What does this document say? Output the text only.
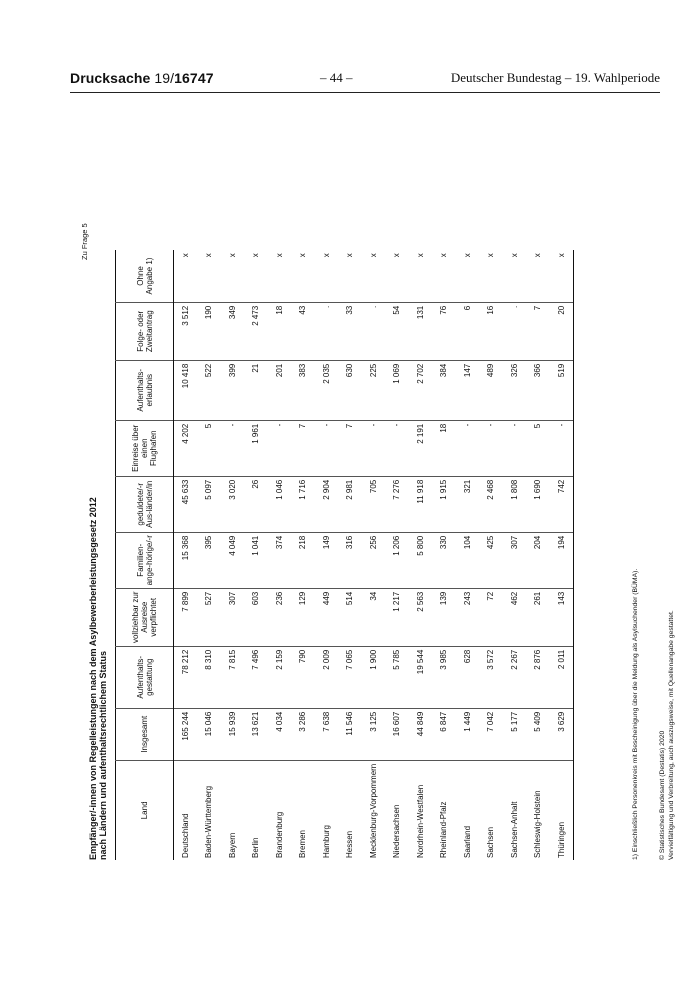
Drucksache 19/16747	– 44 –	Deutscher Bundestag – 19. Wahlperiode
Zu Frage 5
Empfänger/-innen von Regelleistungen nach dem Asylbewerberleistungsgesetz 2012 nach Ländern und aufenthaltsrechtlichem Status	Land	Insgesamt	Aufenthalts-gestattung	vollziehbar zur Ausreise verpflichtet	Familien-ange-hörige/-r	geduldete/-r Aus-länder/in	Einreise über einen Flughafen	Aufenthalts-erlaubnis	Folge- oder Zweitantrag	Ohne Angabe 1)
Deutschland	165 244	78 212	7 899	15 368	45 633	4 202	10 418	3 512	x
Baden-Württemberg	15 046	8 310	527	395	5 097	5	522	190	x
Bayern	15 939	7 815	307	4 049	3 020	-	399	349	x
Berlin	13 621	7 496	603	1 041	26	1 961	21	2 473	x
Brandenburg	4 034	2 159	236	374	1 046	-	201	18	x
Bremen	3 286	790	129	218	1 716	7	383	43	x
Hamburg	7 638	2 009	449	149	2 904	-	2 035	.	x
Hessen	11 546	7 065	514	316	2 981	7	630	33	x
Mecklenburg-Vorpommern	3 125	1 900	34	256	705	-	225	.	x
Niedersachsen	16 607	5 785	1 217	1 206	7 276	-	1 069	54	x
Nordrhein-Westfalen	44 849	19 544	2 563	5 800	11 918	2 191	2 702	131	x
Rheinland-Pfalz	6 847	3 985	139	330	1 915	18	384	76	x
Saarland	1 449	628	243	104	321	-	147	6	x
Sachsen	7 042	3 572	72	425	2 468	-	489	16	x
Sachsen-Anhalt	5 177	2 267	462	307	1 808	-	326	.	x
Schleswig-Holstein	5 409	2 876	261	204	1 690	5	366	7	x
Thüringen	3 629	2 011	143	194	742	-	519	20	x
1) Einschließlich Personenkreis mit Bescheinigung über die Meldung als Asylsuchender (BÜMA).	© Statistisches Bundesamt (Destatis) 2020 Vervielfältigung und Verbreitung, auch auszugsweise, mit Quellenangabe gestattet.
